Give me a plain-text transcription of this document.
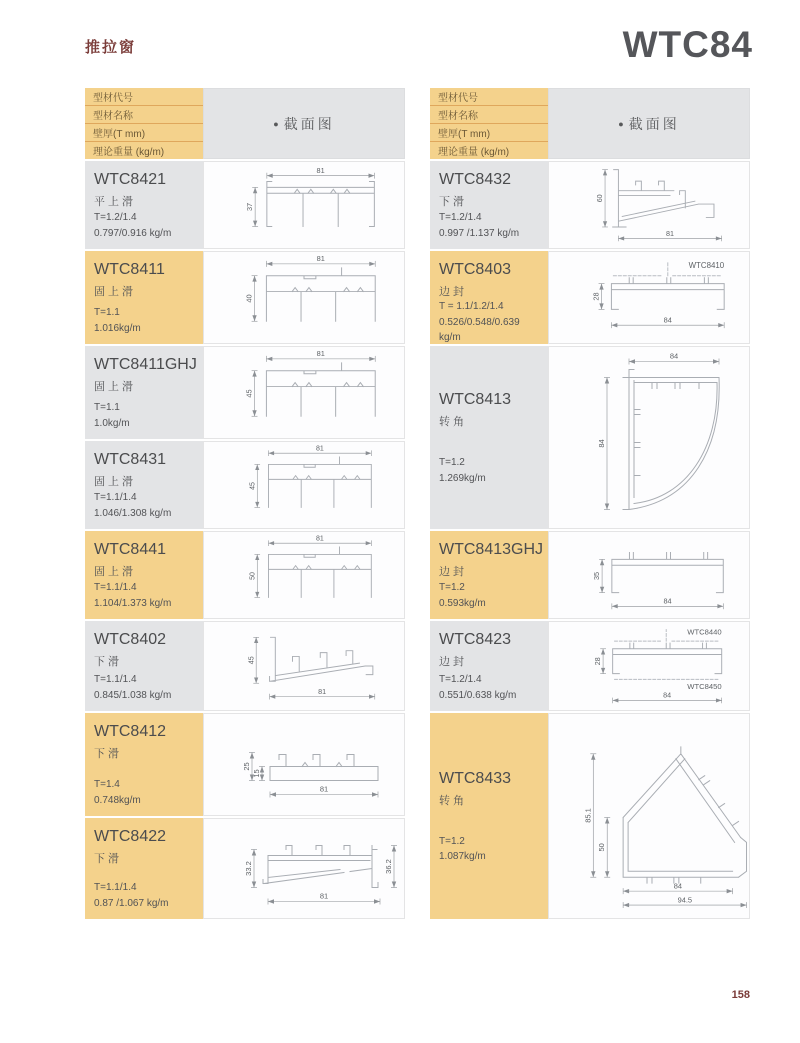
推拉窗	WTC84
型材代号
型材名称
壁厚(T mm)
理论重量 (kg/m)
● 截面图
WTC8421
平上滑
T=1.2/1.4
0.797/0.916 kg/m
81
37
WTC8411
固上滑
T=1.1
1.016kg/m
81
40
WTC8411GHJ
固上滑
T=1.1
1.0kg/m
81
45
WTC8431
固上滑
T=1.1/1.4
1.046/1.308 kg/m
81
45
WTC8441
固上滑
T=1.1/1.4
1.104/1.373 kg/m
81
50
WTC8402
下滑
T=1.1/1.4
0.845/1.038 kg/m
45
81
WTC8412
下滑
T=1.4
0.748kg/m
25
15
81
WTC8422
下滑
T=1.1/1.4
0.87 /1.067 kg/m
33.2	36.2
81
型材代号
型材名称
壁厚(T mm)
理论重量 (kg/m)
● 截面图
WTC8432
下滑
T=1.2/1.4
0.997 /1.137 kg/m
60
81
WTC8403
边封
T = 1.1/1.2/1.4
0.526/0.548/0.639 kg/m
WTC8410
28
84
WTC8413
转角
T=1.2
1.269kg/m
84
84
WTC8413GHJ
边封
T=1.2
0.593kg/m
35
84
WTC8423
边封
T=1.2/1.4
0.551/0.638 kg/m
WTC8440
WTC8450
28
84
WTC8433
转角
T=1.2
1.087kg/m
85.1
50
84
94.5
158
